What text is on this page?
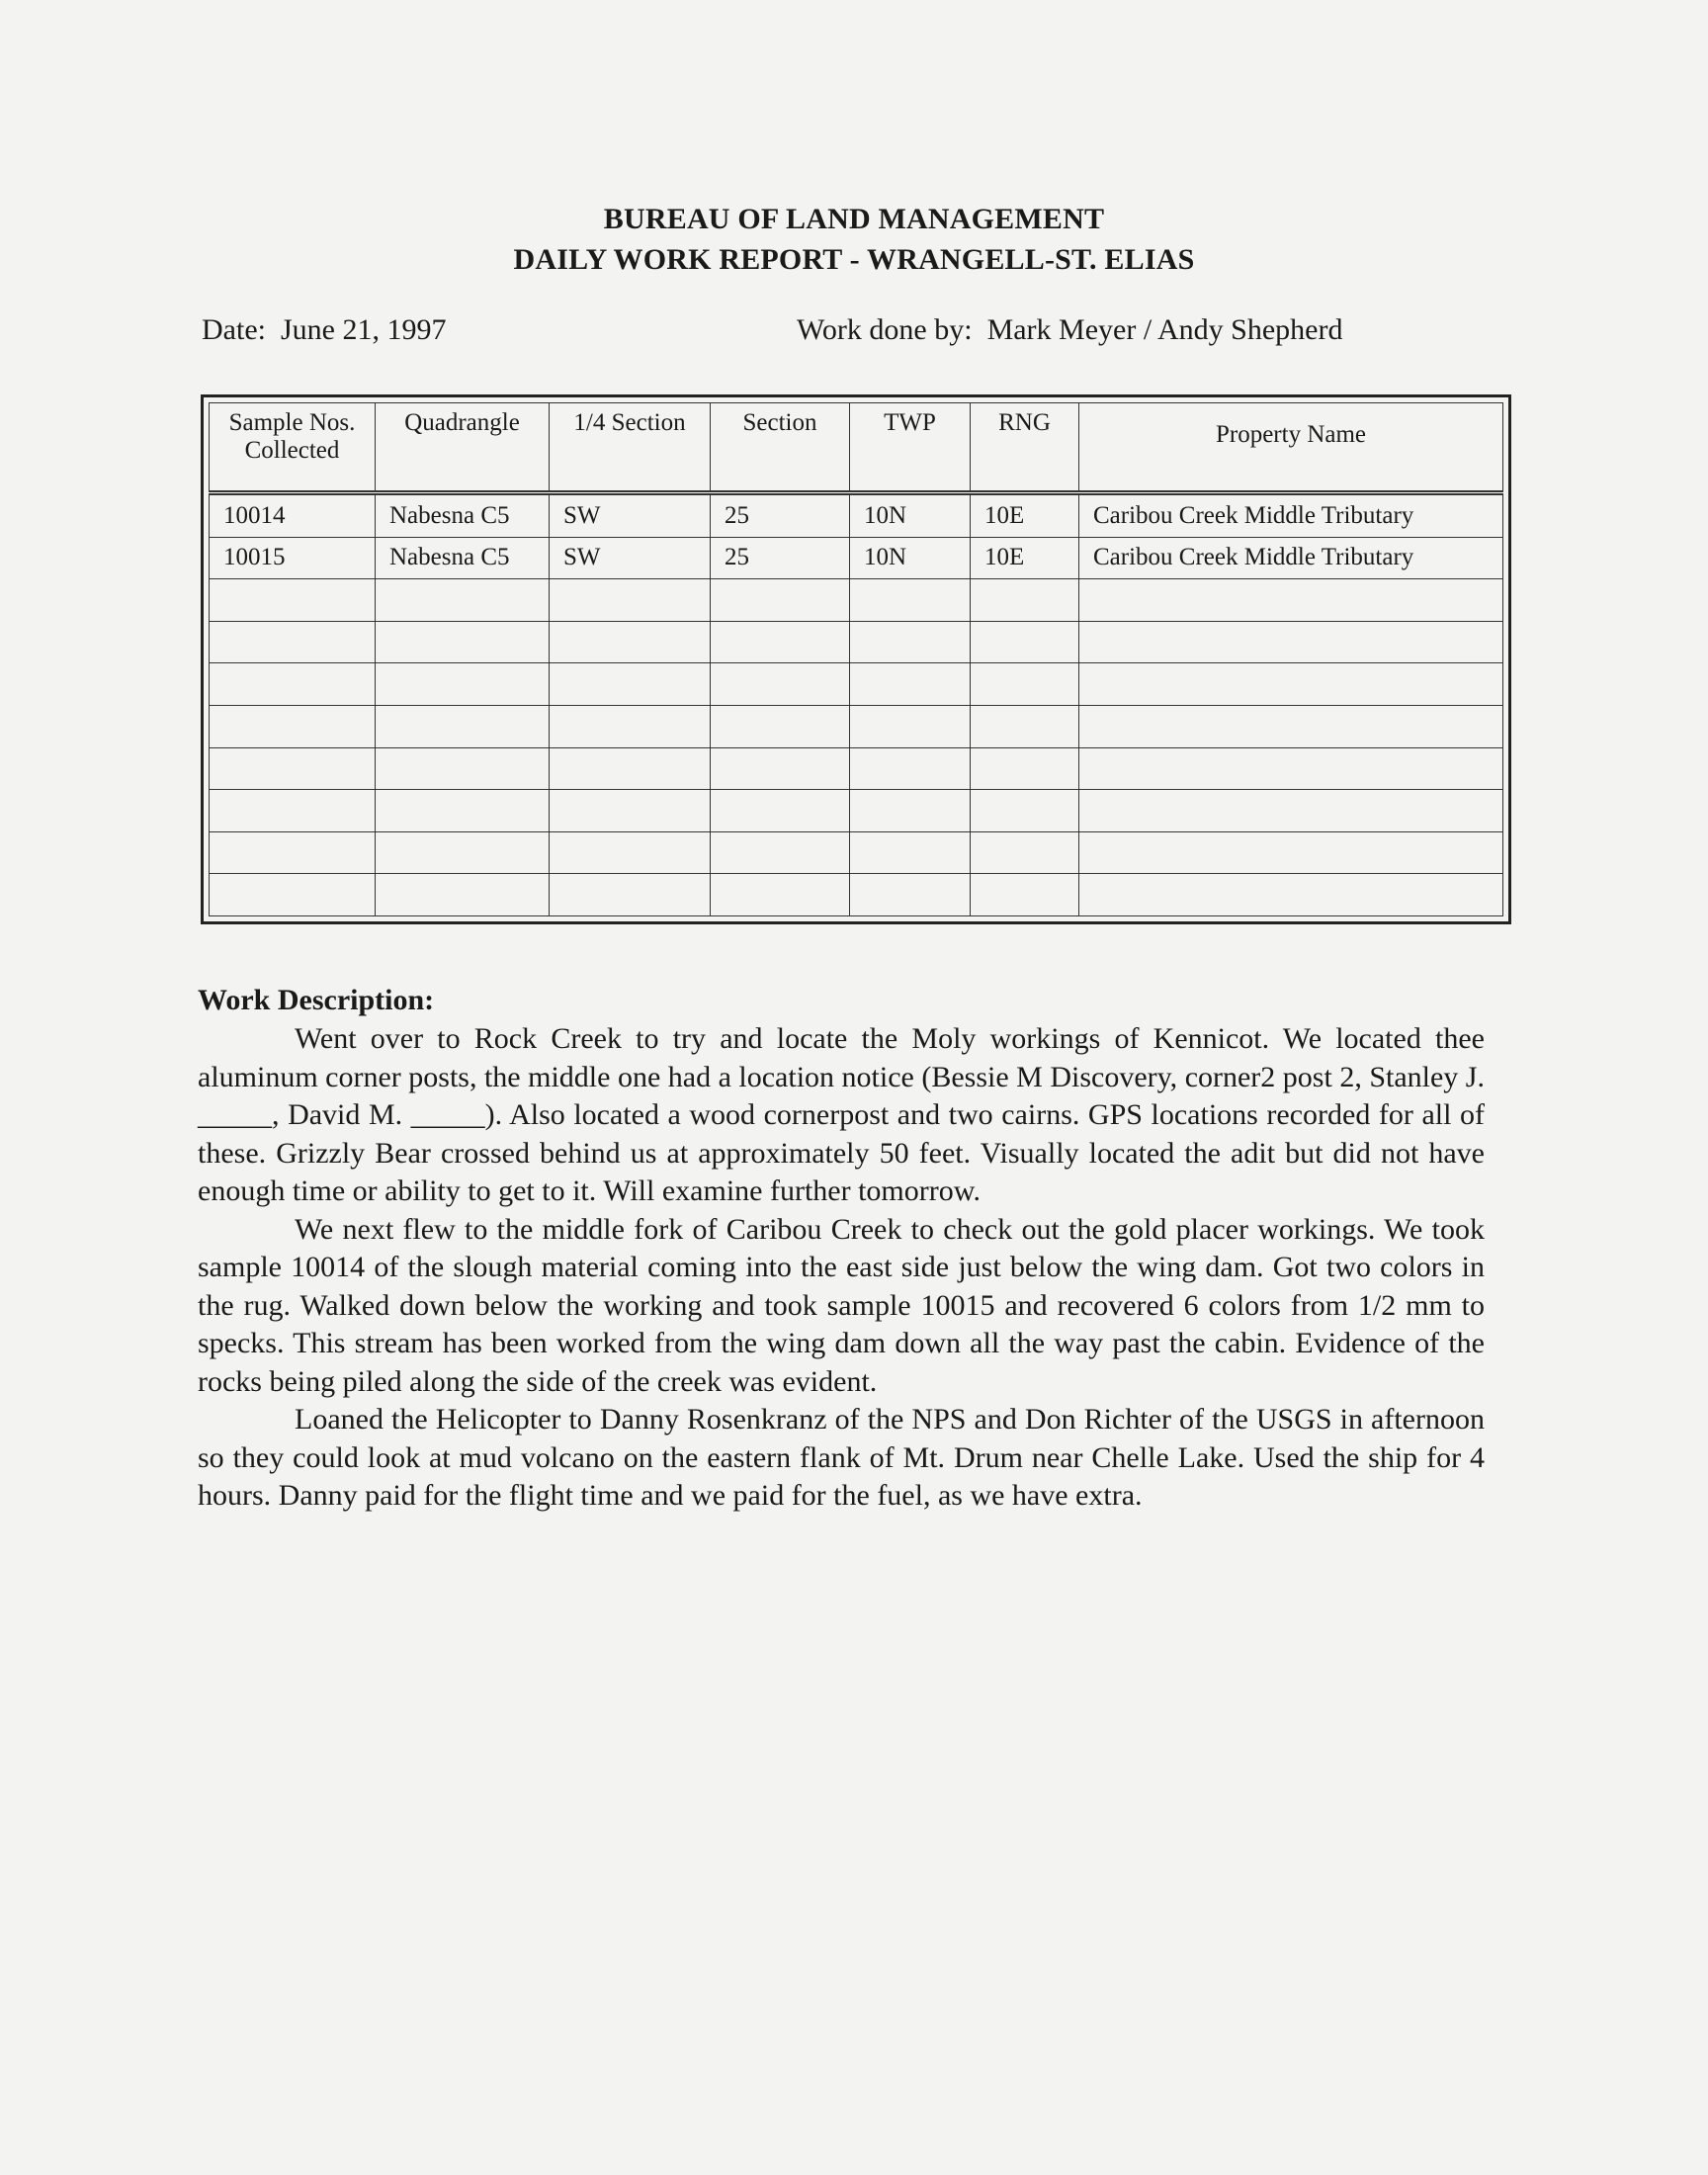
BUREAU OF LAND MANAGEMENT
DAILY WORK REPORT - WRANGELL-ST. ELIAS
Date: June 21, 1997	Work done by: Mark Meyer / Andy Shepherd
Sample Nos.
Collected	Quadrangle	1/4 Section	Section	TWP	RNG	Property Name
10014	Nabesna C5	SW	25	10N	10E	Caribou Creek Middle Tributary
10015	Nabesna C5	SW	25	10N	10E	Caribou Creek Middle Tributary

Work Description:

Went over to Rock Creek to try and locate the Moly workings of Kennicot. We located thee aluminum corner posts, the middle one had a location notice (Bessie M Discovery, corner2 post 2, Stanley J. _____, David M. _____). Also located a wood cornerpost and two cairns. GPS locations recorded for all of these. Grizzly Bear crossed behind us at approximately 50 feet. Visually located the adit but did not have enough time or ability to get to it. Will examine further tomorrow.

We next flew to the middle fork of Caribou Creek to check out the gold placer workings. We took sample 10014 of the slough material coming into the east side just below the wing dam. Got two colors in the rug. Walked down below the working and took sample 10015 and recovered 6 colors from 1/2 mm to specks. This stream has been worked from the wing dam down all the way past the cabin. Evidence of the rocks being piled along the side of the creek was evident.

Loaned the Helicopter to Danny Rosenkranz of the NPS and Don Richter of the USGS in afternoon so they could look at mud volcano on the eastern flank of Mt. Drum near Chelle Lake. Used the ship for 4 hours. Danny paid for the flight time and we paid for the fuel, as we have extra.
